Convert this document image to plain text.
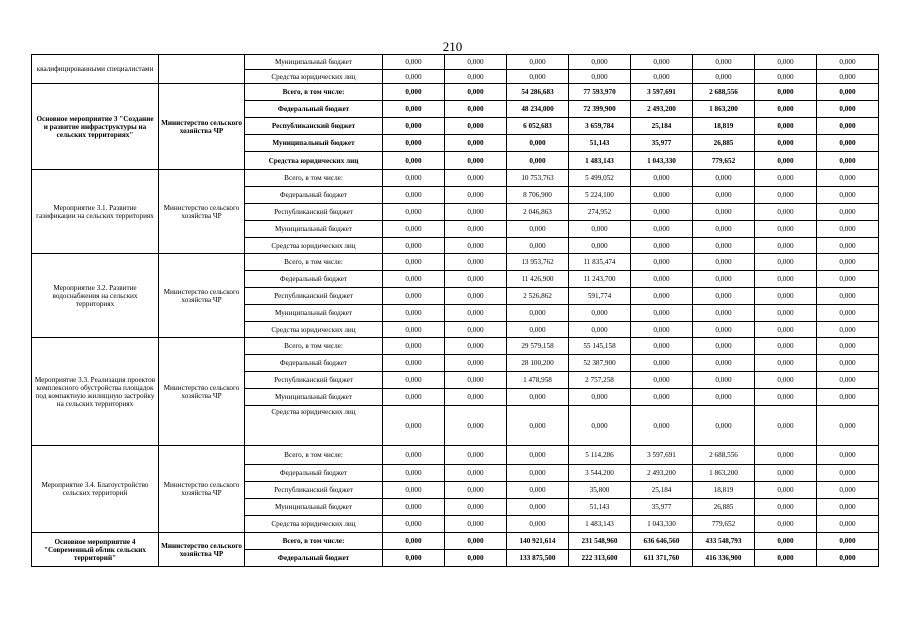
210
квалифицированными специалистами		Муниципальный бюджет	0,000	0,000	0,000	0,000	0,000	0,000	0,000	0,000
		Средства юридических лиц	0,000	0,000	0,000	0,000	0,000	0,000	0,000	0,000
Основное мероприятие 3 "Создание и развитие инфраструктуры на сельских территориях"	Министерство сельского хозяйства ЧР	Всего, в том числе:	0,000	0,000	54 286,683	77 593,970	3 597,691	2 688,556	0,000	0,000
		Федеральный бюджет	0,000	0,000	48 234,000	72 399,900	2 493,200	1 863,200	0,000	0,000
		Республиканский бюджет	0,000	0,000	6 052,683	3 659,784	25,184	18,819	0,000	0,000
		Муниципальный бюджет	0,000	0,000	0,000	51,143	35,977	26,885	0,000	0,000
		Средства юридических лиц	0,000	0,000	0,000	1 483,143	1 043,330	779,652	0,000	0,000
Мероприятие 3.1. Развитие газификации на сельских территориях	Министерство сельского хозяйства ЧР	Всего, в том числе:	0,000	0,000	10 753,763	5 499,052	0,000	0,000	0,000	0,000
		Федеральный бюджет	0,000	0,000	8 706,900	5 224,100	0,000	0,000	0,000	0,000
		Республиканский бюджет	0,000	0,000	2 046,863	274,952	0,000	0,000	0,000	0,000
		Муниципальный бюджет	0,000	0,000	0,000	0,000	0,000	0,000	0,000	0,000
		Средства юридических лиц	0,000	0,000	0,000	0,000	0,000	0,000	0,000	0,000
Мероприятие 3.2. Развитие водоснабжения на сельских территориях	Министерство сельского хозяйства ЧР	Всего, в том числе:	0,000	0,000	13 953,762	11 835,474	0,000	0,000	0,000	0,000
		Федеральный бюджет	0,000	0,000	11 426,900	11 243,700	0,000	0,000	0,000	0,000
		Республиканский бюджет	0,000	0,000	2 526,862	591,774	0,000	0,000	0,000	0,000
		Муниципальный бюджет	0,000	0,000	0,000	0,000	0,000	0,000	0,000	0,000
		Средства юридических лиц	0,000	0,000	0,000	0,000	0,000	0,000	0,000	0,000
Мероприятие 3.3. Реализация проектов комплексного обустройства площадок под компактную жилищную застройку на сельских территориях	Министерство сельского хозяйства ЧР	Всего, в том числе:	0,000	0,000	29 579,158	55 145,158	0,000	0,000	0,000	0,000
		Федеральный бюджет	0,000	0,000	28 100,200	52 387,900	0,000	0,000	0,000	0,000
		Республиканский бюджет	0,000	0,000	1 478,958	2 757,258	0,000	0,000	0,000	0,000
		Муниципальный бюджет	0,000	0,000	0,000	0,000	0,000	0,000	0,000	0,000
		Средства юридических лиц	0,000	0,000	0,000	0,000	0,000	0,000	0,000	0,000
Мероприятие 3.4. Благоустройство сельских территорий	Министерство сельского хозяйства ЧР	Всего, в том числе:	0,000	0,000	0,000	5 114,286	3 597,691	2 688,556	0,000	0,000
		Федеральный бюджет	0,000	0,000	0,000	3 544,200	2 493,200	1 863,200	0,000	0,000
		Республиканский бюджет	0,000	0,000	0,000	35,800	25,184	18,819	0,000	0,000
		Муниципальный бюджет	0,000	0,000	0,000	51,143	35,977	26,885	0,000	0,000
		Средства юридических лиц	0,000	0,000	0,000	1 483,143	1 043,330	779,652	0,000	0,000
Основное мероприятие 4 "Современный облик сельских территорий"	Министерство сельского хозяйства ЧР	Всего, в том числе:	0,000	0,000	140 921,614	231 548,960	636 646,560	433 548,793	0,000	0,000
		Федеральный бюджет	0,000	0,000	133 875,500	222 313,600	611 371,760	416 336,900	0,000	0,000
